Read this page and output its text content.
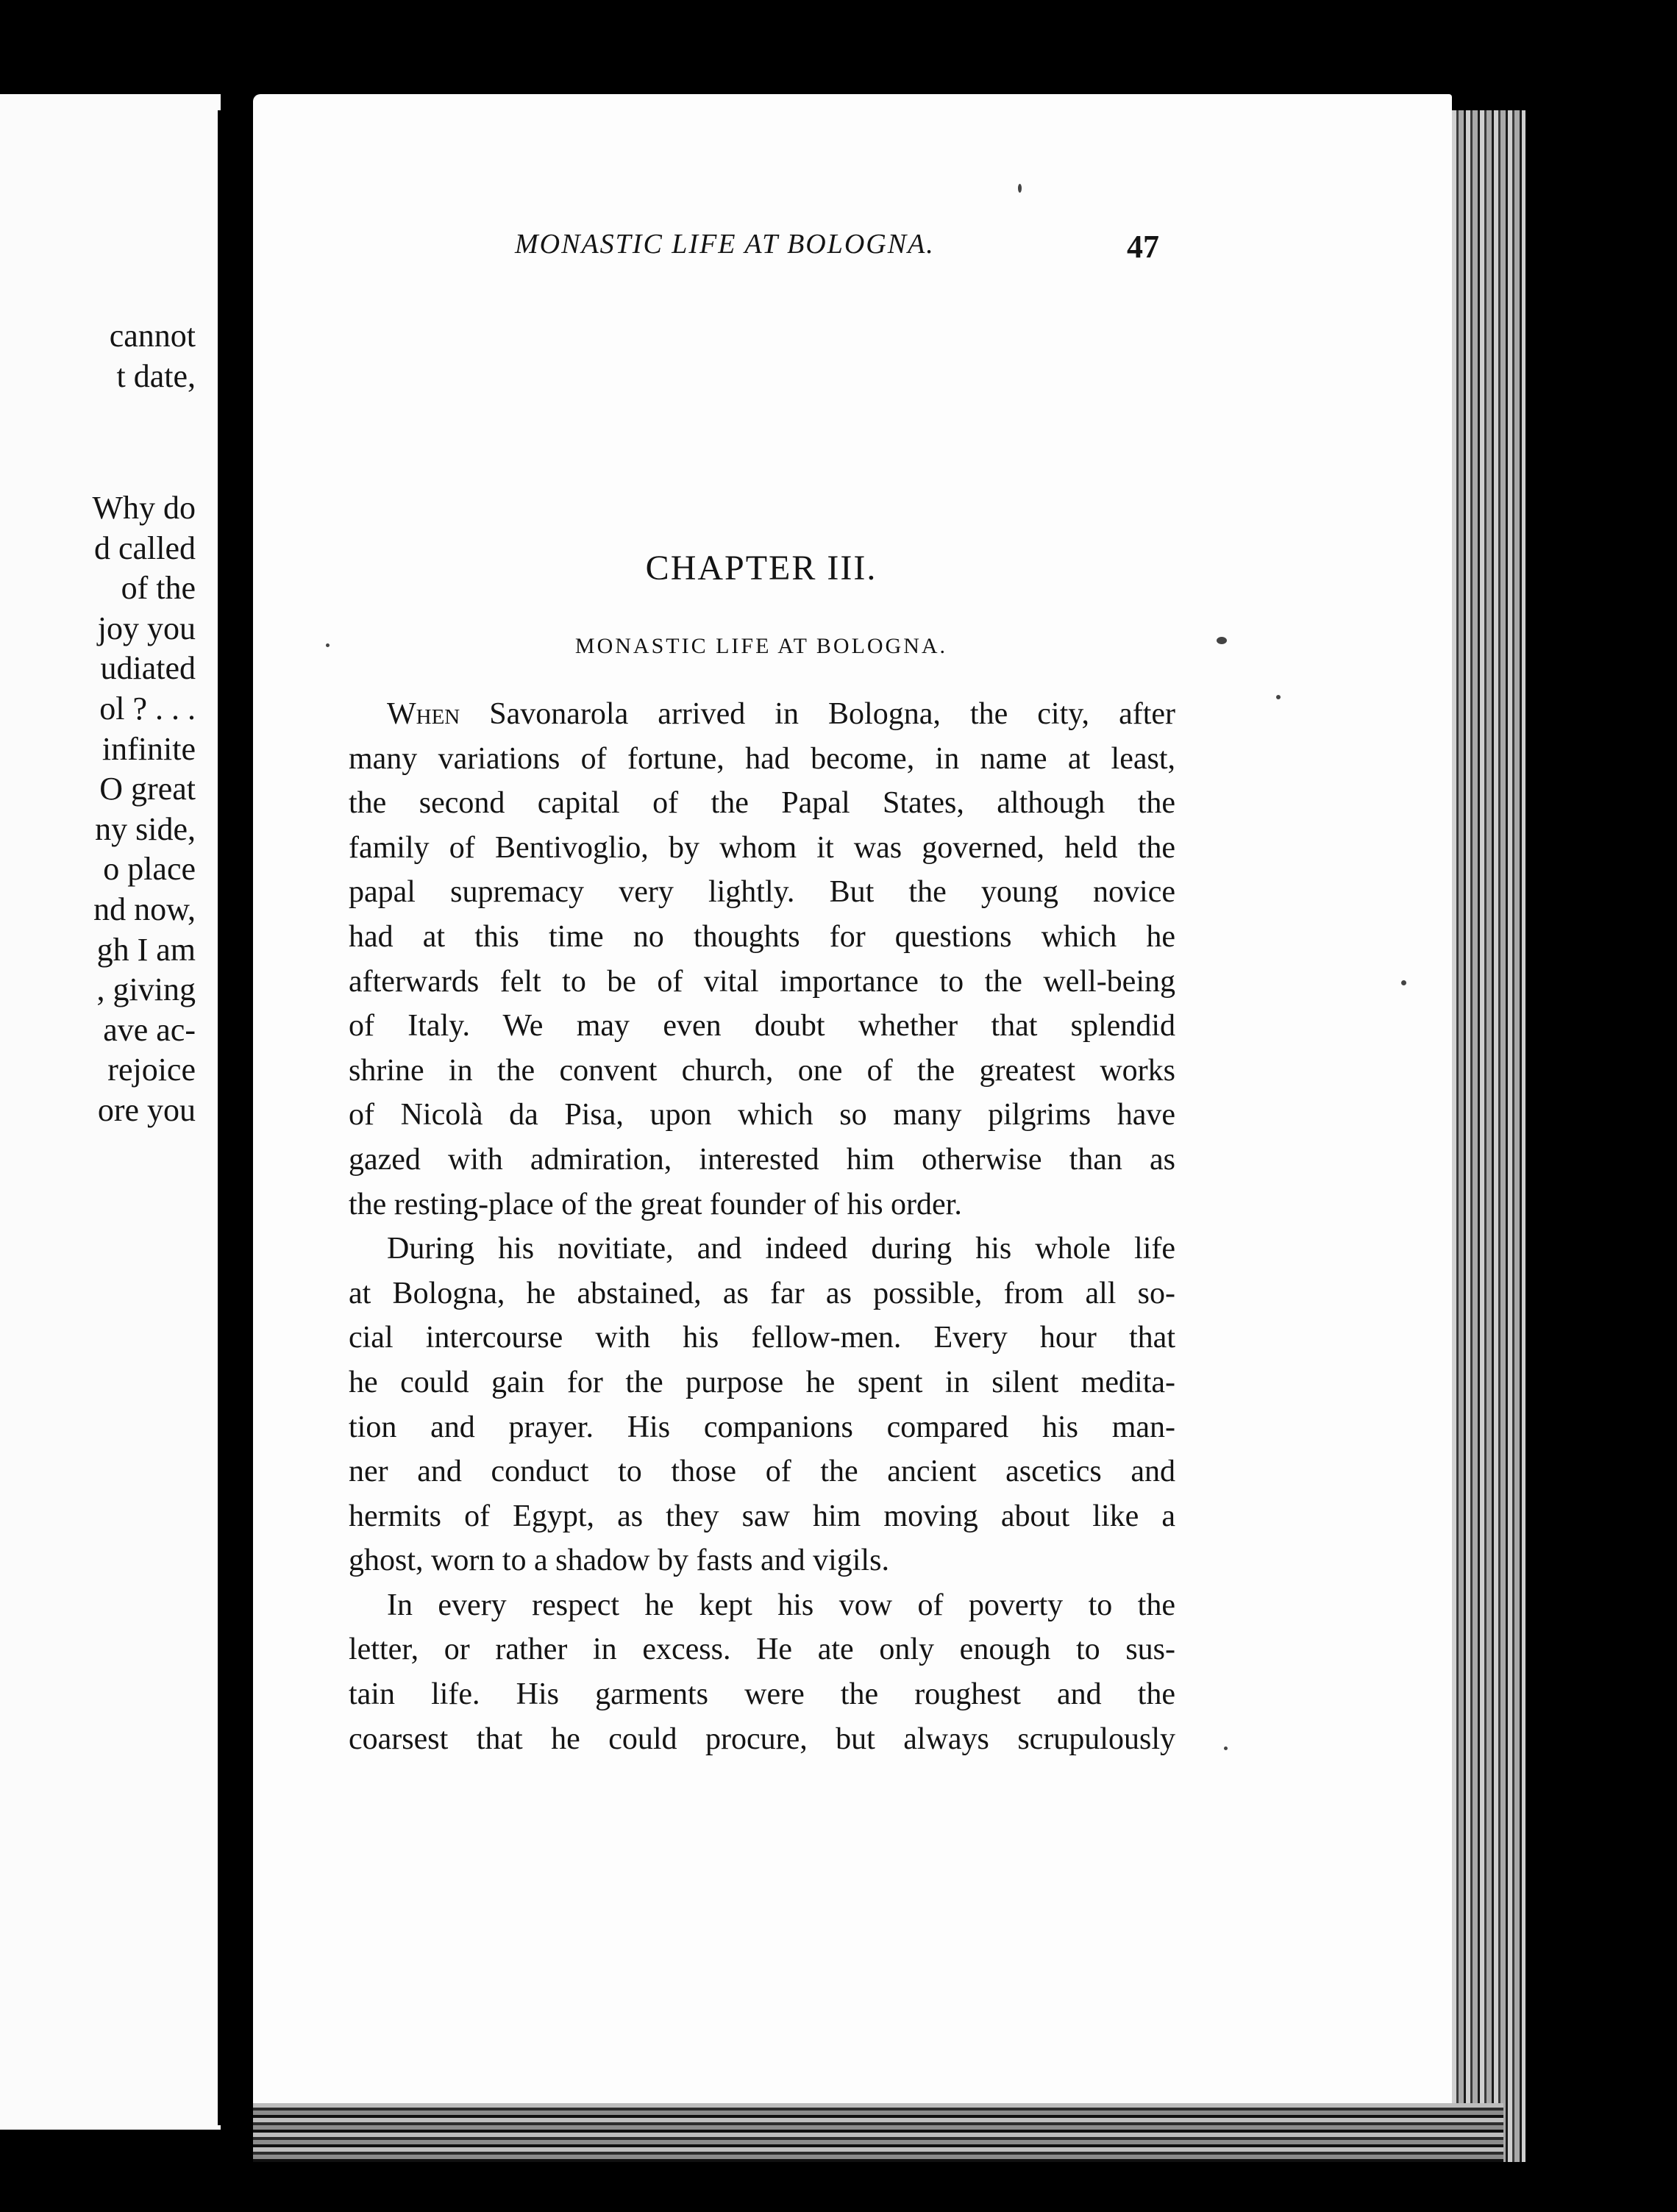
cannot
t date,
Why do
d called
of the
joy you
udiated
ol ? . . .
infinite
O great
ny side,
o place
nd now,
gh I am
, giving
ave ac-
rejoice
ore you
MONASTIC LIFE AT BOLOGNA.	47
CHAPTER III.
MONASTIC LIFE AT BOLOGNA.
When Savonarola arrived in Bologna, the city, after
many variations of fortune, had become, in name at least,
the second capital of the Papal States, although the
family of Bentivoglio, by whom it was governed, held the
papal supremacy very lightly. But the young novice
had at this time no thoughts for questions which he
afterwards felt to be of vital importance to the well-being
of Italy. We may even doubt whether that splendid
shrine in the convent church, one of the greatest works
of Nicolà da Pisa, upon which so many pilgrims have
gazed with admiration, interested him otherwise than as
the resting-place of the great founder of his order.
During his novitiate, and indeed during his whole life
at Bologna, he abstained, as far as possible, from all so-
cial intercourse with his fellow-men. Every hour that
he could gain for the purpose he spent in silent medita-
tion and prayer. His companions compared his man-
ner and conduct to those of the ancient ascetics and
hermits of Egypt, as they saw him moving about like a
ghost, worn to a shadow by fasts and vigils.
In every respect he kept his vow of poverty to the
letter, or rather in excess. He ate only enough to sus-
tain life. His garments were the roughest and the
coarsest that he could procure, but always scrupulously
